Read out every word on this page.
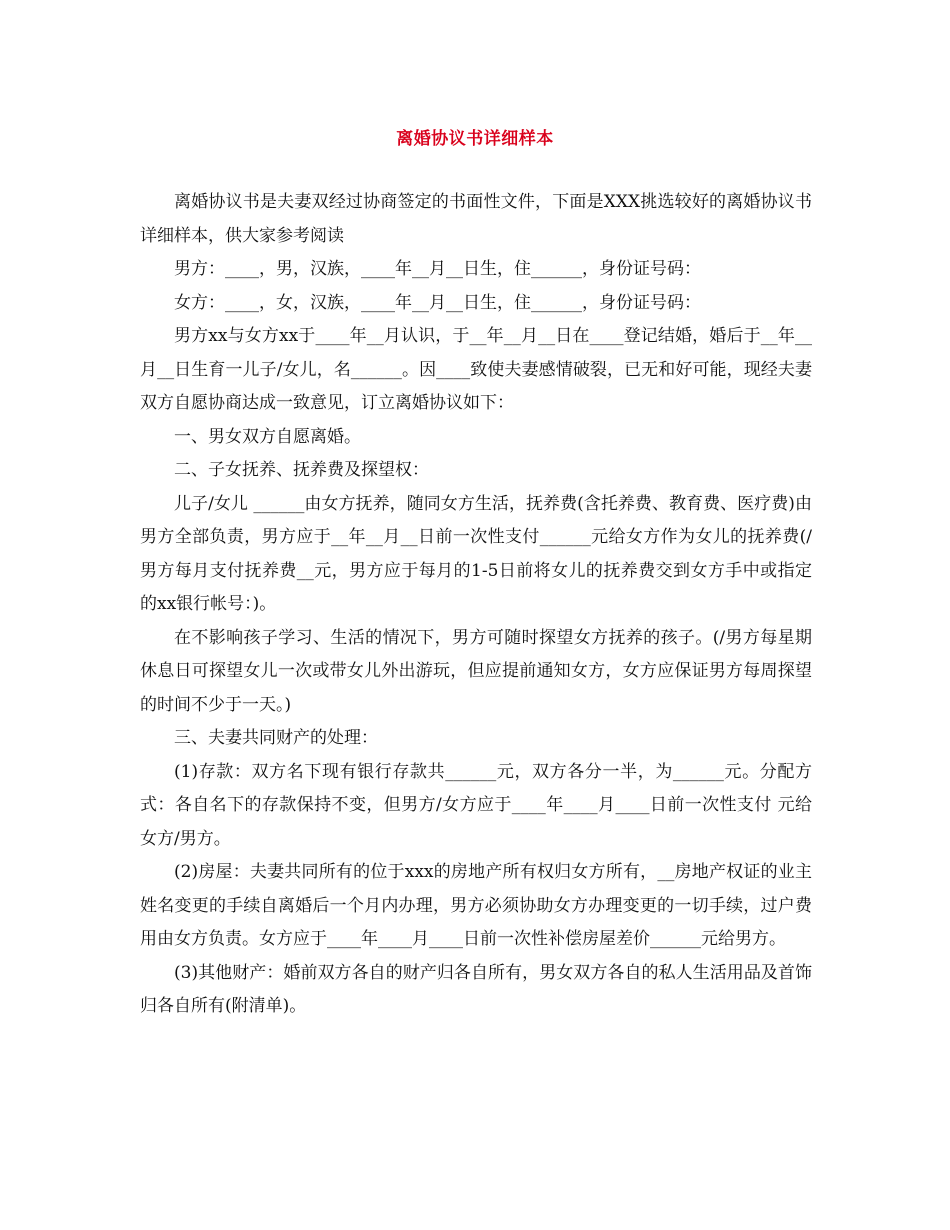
离婚协议书详细样本

离婚协议书是夫妻双经过协商签定的书面性文件，下面是XXX挑选较好的离婚协议书详细样本，供大家参考阅读

男方：____，男，汉族，____年__月__日生，住______，身份证号码：

女方：____，女，汉族，____年__月__日生，住______，身份证号码：

男方xx与女方xx于____年__月认识，于__年__月__日在____登记结婚，婚后于__年__月__日生育一儿子/女儿，名______。因____致使夫妻感情破裂，已无和好可能，现经夫妻双方自愿协商达成一致意见，订立离婚协议如下：

一、男女双方自愿离婚。

二、子女抚养、抚养费及探望权：

儿子/女儿 ______由女方抚养，随同女方生活，抚养费(含托养费、教育费、医疗费)由男方全部负责，男方应于__年__月__日前一次性支付______元给女方作为女儿的抚养费(/男方每月支付抚养费__元，男方应于每月的1-5日前将女儿的抚养费交到女方手中或指定的xx银行帐号：)。

在不影响孩子学习、生活的情况下，男方可随时探望女方抚养的孩子。(/男方每星期休息日可探望女儿一次或带女儿外出游玩，但应提前通知女方，女方应保证男方每周探望的时间不少于一天。)

三、夫妻共同财产的处理：

(1)存款：双方名下现有银行存款共______元，双方各分一半，为______元。分配方式：各自名下的存款保持不变，但男方/女方应于____年____月____日前一次性支付 元给女方/男方。

(2)房屋：夫妻共同所有的位于xxx的房地产所有权归女方所有，__房地产权证的业主姓名变更的手续自离婚后一个月内办理，男方必须协助女方办理变更的一切手续，过户费用由女方负责。女方应于____年____月____日前一次性补偿房屋差价______元给男方。

(3)其他财产：婚前双方各自的财产归各自所有，男女双方各自的私人生活用品及首饰归各自所有(附清单)。
